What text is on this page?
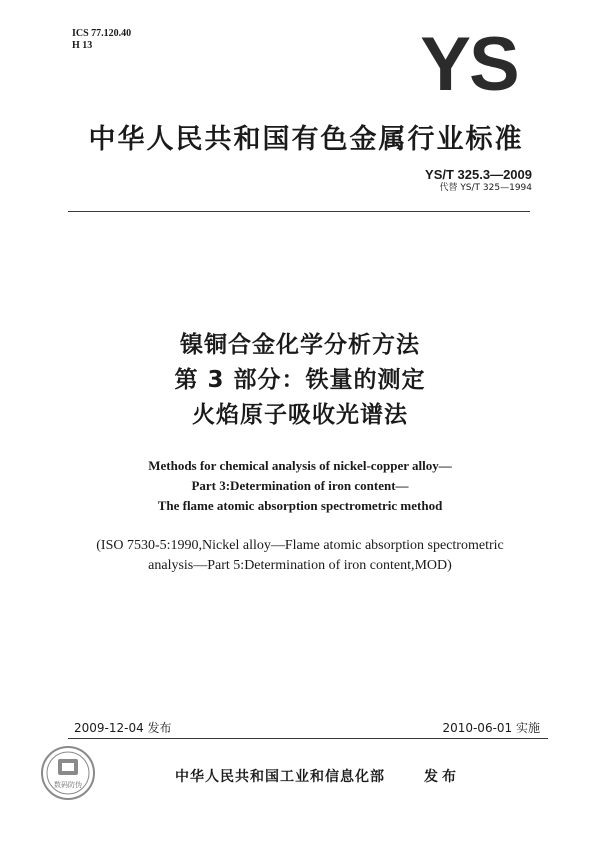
ICS 77.120.40
H 13	YS
中华人民共和国有色金属行业标准
YS/T 325.3—2009
代替 YS/T 325—1994
镍铜合金化学分析方法
第 3 部分：铁量的测定
火焰原子吸收光谱法
Methods for chemical analysis of nickel-copper alloy—
Part 3:Determination of iron content—
The flame atomic absorption spectrometric method
(ISO 7530-5:1990,Nickel alloy—Flame atomic absorption spectrometric
analysis—Part 5:Determination of iron content,MOD)
2009-12-04 发布	2010-06-01 实施
数码防伪	中华人民共和国工业和信息化部	发布
